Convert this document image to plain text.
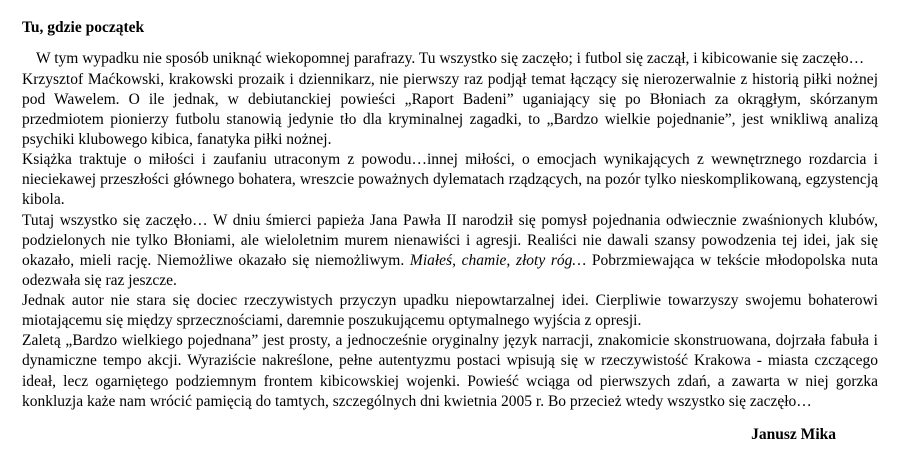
Tu, gdzie początek

W tym wypadku nie sposób uniknąć wiekopomnej parafrazy. Tu wszystko się zaczęło; i futbol się zaczął, i kibicowanie się zaczęło…

Krzysztof Maćkowski, krakowski prozaik i dziennikarz, nie pierwszy raz podjął temat łączący się nierozerwalnie z historią piłki nożnej pod Wawelem. O ile jednak, w debiutanckiej powieści „Raport Badeni” uganiający się po Błoniach za okrągłym, skórzanym przedmiotem pionierzy futbolu stanowią jedynie tło dla kryminalnej zagadki, to „Bardzo wielkie pojednanie”, jest wnikliwą analizą psychiki klubowego kibica, fanatyka piłki nożnej.

Książka traktuje o miłości i zaufaniu utraconym z powodu…innej miłości, o emocjach wynikających z wewnętrznego rozdarcia i nieciekawej przeszłości głównego bohatera, wreszcie poważnych dylematach rządzących, na pozór tylko nieskomplikowaną, egzystencją kibola.

Tutaj wszystko się zaczęło… W dniu śmierci papieża Jana Pawła II narodził się pomysł pojednania odwiecznie zwaśnionych klubów, podzielonych nie tylko Błoniami, ale wieloletnim murem nienawiści i agresji. Realiści nie dawali szansy powodzenia tej idei, jak się okazało, mieli rację. Niemożliwe okazało się niemożliwym. Miałeś, chamie, złoty róg… Pobrzmiewająca w tekście młodopolska nuta odezwała się raz jeszcze.

Jednak autor nie stara się dociec rzeczywistych przyczyn upadku niepowtarzalnej idei. Cierpliwie towarzyszy swojemu bohaterowi miotającemu się między sprzecznościami, daremnie poszukującemu optymalnego wyjścia z opresji.

Zaletą „Bardzo wielkiego pojednana” jest prosty, a jednocześnie oryginalny język narracji, znakomicie skonstruowana, dojrzała fabuła i dynamiczne tempo akcji. Wyraziście nakreślone, pełne autentyzmu postaci wpisują się w rzeczywistość Krakowa - miasta czczącego ideał, lecz ogarniętego podziemnym frontem kibicowskiej wojenki. Powieść wciąga od pierwszych zdań, a zawarta w niej gorzka konkluzja każe nam wrócić pamięcią do tamtych, szczególnych dni kwietnia 2005 r. Bo przecież wtedy wszystko się zaczęło…

Janusz Mika
